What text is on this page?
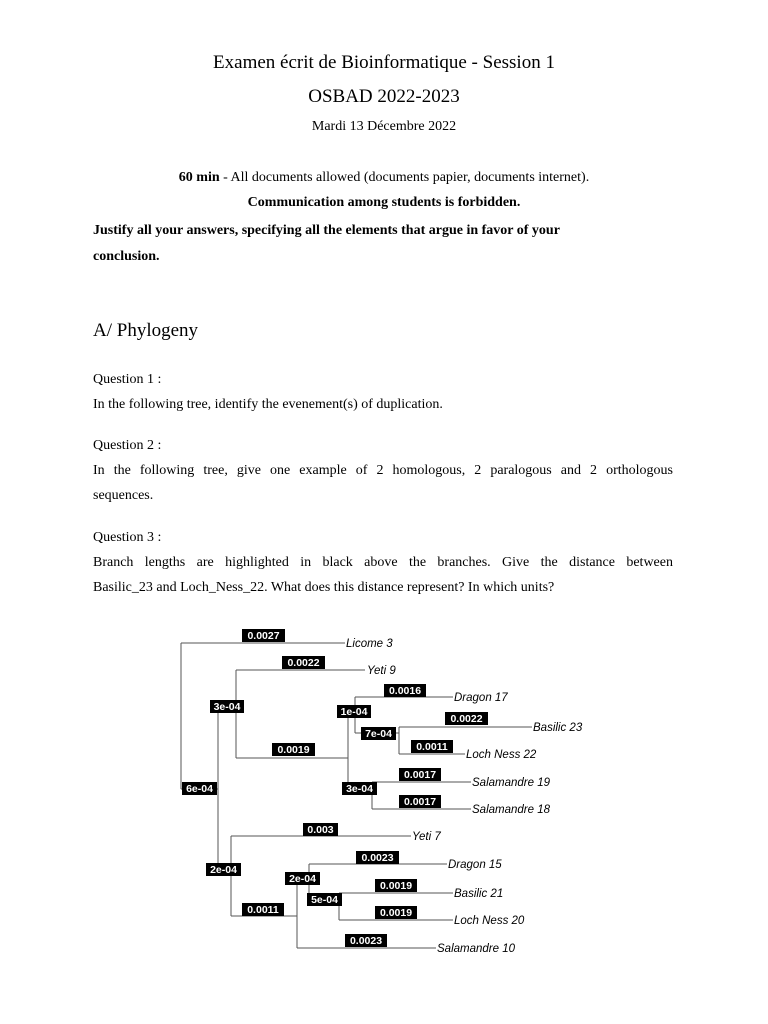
Examen écrit de Bioinformatique - Session 1
OSBAD 2022-2023
Mardi 13 Décembre 2022
60 min - All documents allowed (documents papier, documents internet).
Communication among students is forbidden.
Justify all your answers, specifying all the elements that argue in favor of your
conclusion.
A/ Phylogeny
Question 1 :
In the following tree, identify the evenement(s) of duplication.
Question 2 :
In the following tree, give one example of 2 homologous, 2 paralogous and 2 orthologous
sequences.
Question 3 :
Branch lengths are highlighted in black above the branches. Give the distance between
Basilic_23 and Loch_Ness_22. What does this distance represent? In which units?
Licome 3
Yeti 9
Dragon 17
Basilic 23
Loch Ness 22
Salamandre 19
Salamandre 18
Yeti 7
Dragon 15
Basilic 21
Loch Ness 20
Salamandre 10
0.0027
0.0022
0.0016
0.0022
0.0011
0.0019
0.0017
0.0017
0.003
0.0023
0.0019
0.0019
0.0011
0.0023
3e-04	1e-04
7e-04
3e-04
6e-04
2e-04
2e-04
5e-04
